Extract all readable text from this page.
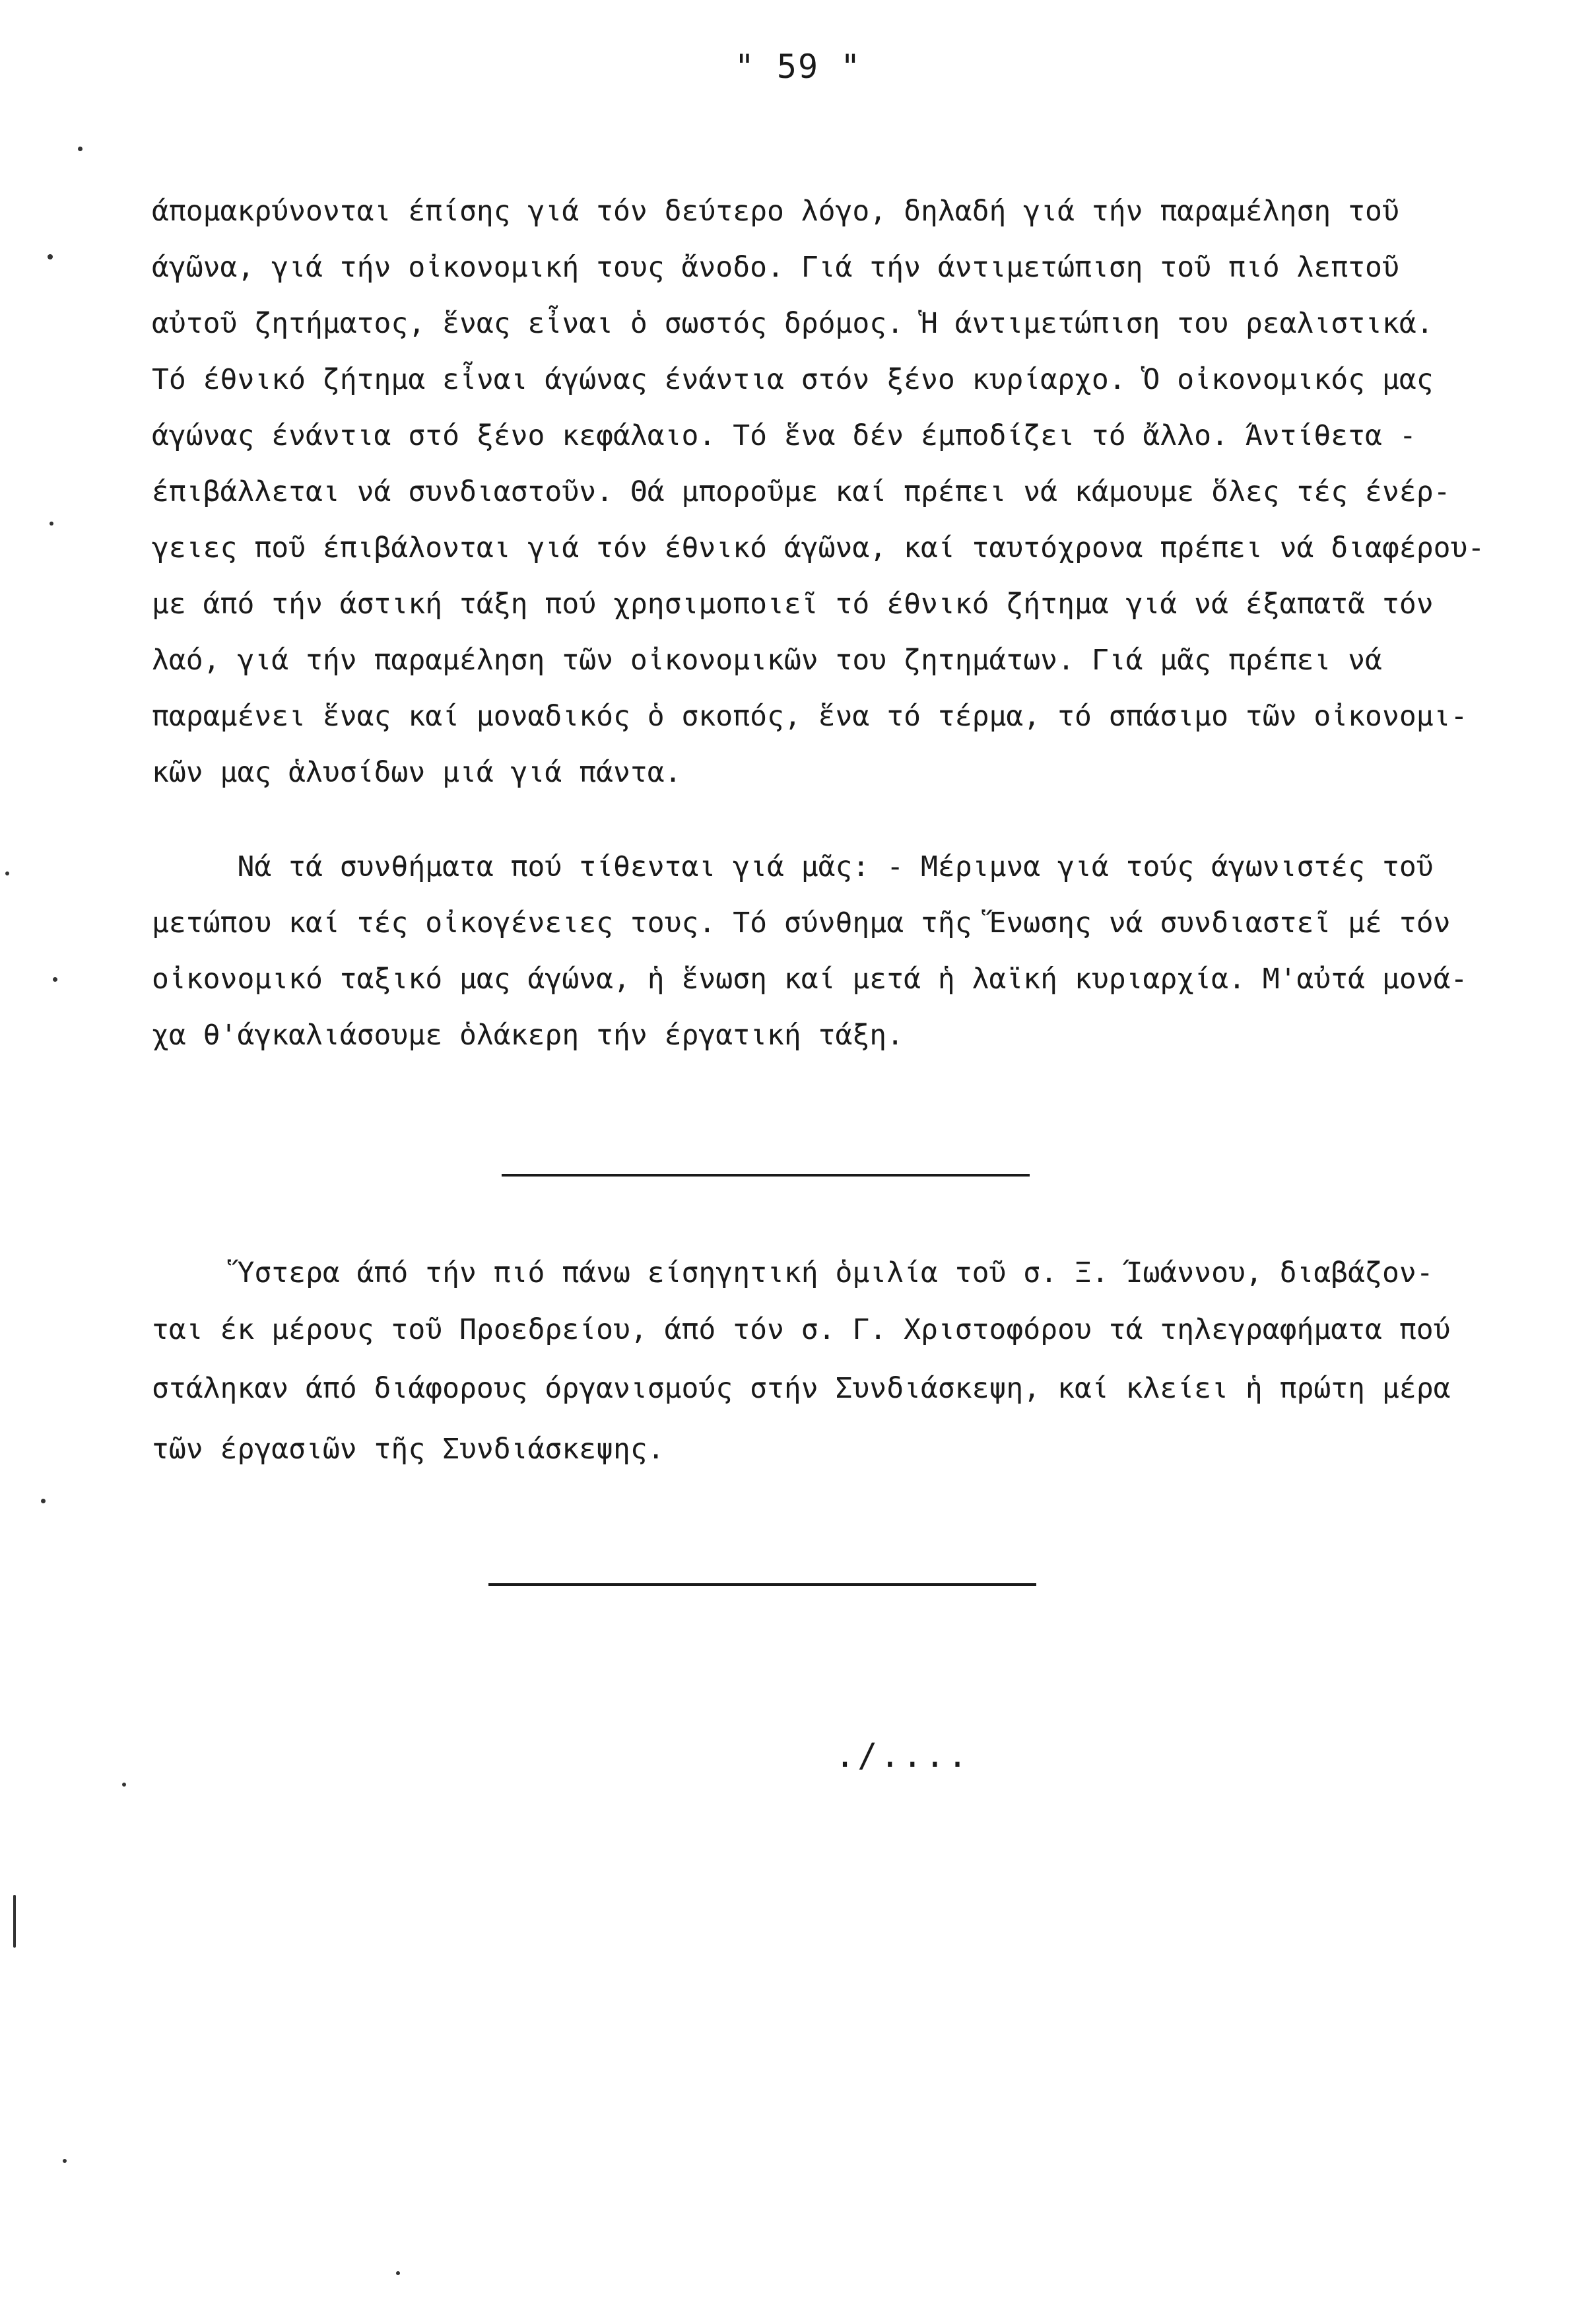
" 59 "
άπομακρύνονται έπίσης γιά τόν δεύτερο λόγο, δηλαδή γιά τήν παραμέληση τοῦ
άγῶνα, γιά τήν οἰκονομική τους ἄνοδο. Γιά τήν άντιμετώπιση τοῦ πιό λεπτοῦ
αὐτοῦ ζητήματος, ἕνας εἶναι ὁ σωστός δρόμος. Ἡ άντιμετώπιση του ρεαλιστικά.
Τό έθνικό ζήτημα εἶναι άγώνας ένάντια στόν ξένο κυρίαρχο. Ὁ οἰκονομικός μας
άγώνας ένάντια στό ξένο κεφάλαιο. Τό ἕνα δέν έμποδίζει τό ἄλλο. Άντίθετα -
έπιβάλλεται νά συνδιαστοῦν. Θά μποροῦμε καί πρέπει νά κάμουμε ὅλες τές ένέρ-
γειες ποῦ έπιβάλονται γιά τόν έθνικό άγῶνα, καί ταυτόχρονα πρέπει νά διαφέρου-
με άπό τήν άστική τάξη πού χρησιμοποιεῖ τό έθνικό ζήτημα γιά νά έξαπατᾶ τόν
λαό, γιά τήν παραμέληση τῶν οἰκονομικῶν του ζητημάτων. Γιά μᾶς πρέπει νά
παραμένει ἕνας καί μοναδικός ὁ σκοπός, ἕνα τό τέρμα, τό σπάσιμο τῶν οἰκονομι-
κῶν μας ἁλυσίδων μιά γιά πάντα.
Νά τά συνθήματα πού τίθενται γιά μᾶς: - Μέριμνα γιά τούς άγωνιστές τοῦ
μετώπου καί τές οἰκογένειες τους. Τό σύνθημα τῆς Ἕνωσης νά συνδιαστεῖ μέ τόν
οἰκονομικό ταξικό μας άγώνα, ἡ ἕνωση καί μετά ἡ λαϊκή κυριαρχία. Μ'αὐτά μονά-
χα θ'άγκαλιάσουμε ὁλάκερη τήν έργατική τάξη.
Ὕστερα άπό τήν πιό πάνω είσηγητική ὁμιλία τοῦ σ. Ξ. Ίωάννου, διαβάζον-
ται έκ μέρους τοῦ Προεδρείου, άπό τόν σ. Γ. Χριστοφόρου τά τηλεγραφήματα πού
στάληκαν άπό διάφορους όργανισμούς στήν Συνδιάσκεψη, καί κλείει ἡ πρώτη μέρα
τῶν έργασιῶν τῆς Συνδιάσκεψης.
./....
